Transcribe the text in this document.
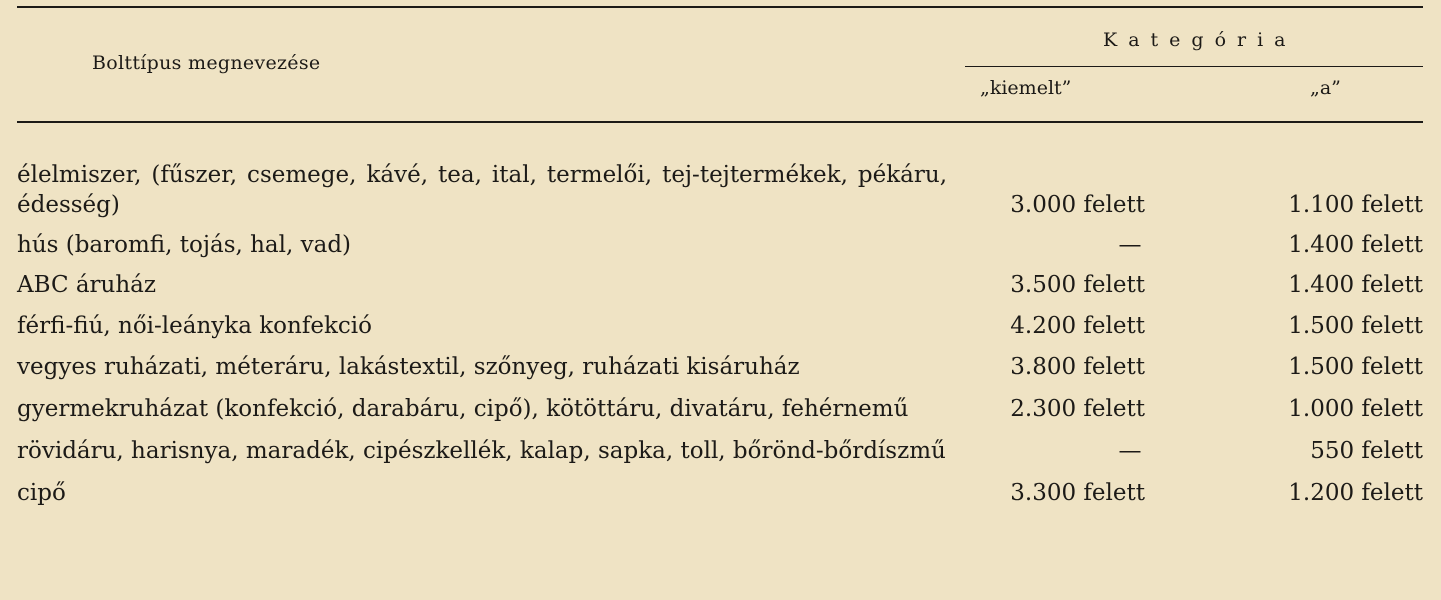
Bolttípus megnevezése
Kategória
„kiemelt”	„a”
élelmiszer, (fűszer, csemege, kávé, tea, ital, termelői, tej-tejtermékek, pékáru, édesség)	3.000 felett	1.100 felett
hús (baromfi, tojás, hal, vad)	—	1.400 felett
ABC áruház	3.500 felett	1.400 felett
férfi-fiú, női-leányka konfekció	4.200 felett	1.500 felett
vegyes ruházati, méteráru, lakástextil, szőnyeg, ruházati kisáruház	3.800 felett	1.500 felett
gyermekruházat (konfekció, darabáru, cipő), kötöttáru, divatáru, fehérnemű	2.300 felett	1.000 felett
rövidáru, harisnya, maradék, cipészkellék, kalap, sapka, toll, bőrönd-bőrdíszmű	—	550 felett
cipő	3.300 felett	1.200 felett
